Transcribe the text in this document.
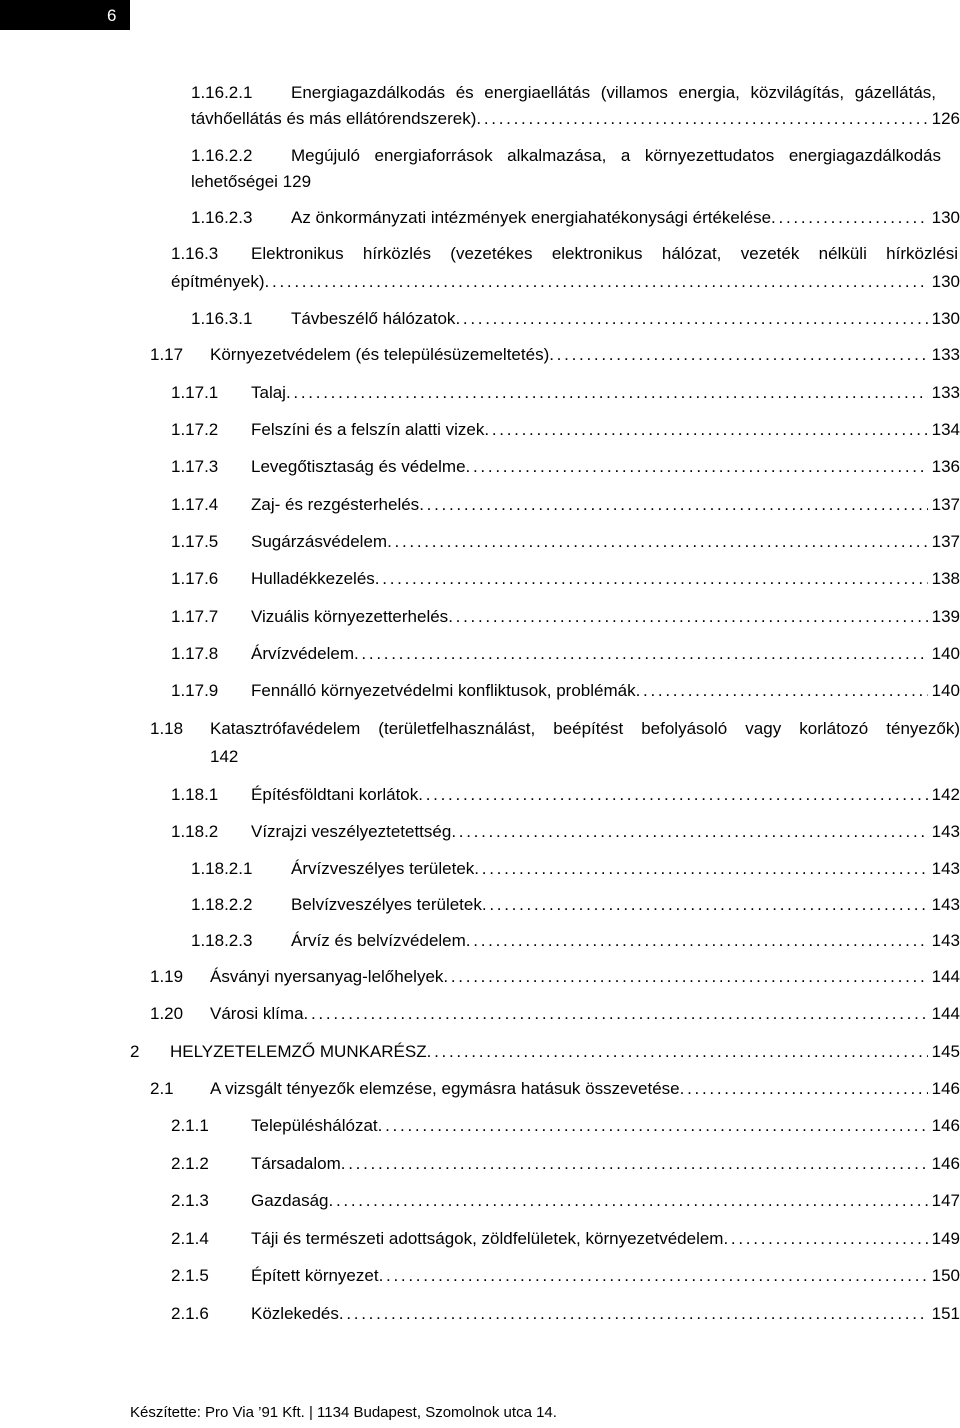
6
1.16.2.1 Energiagazdálkodás és energiaellátás (villamos energia, közvilágítás, gázellátás,
távhőellátás és más ellátórendszerek) . . .	126
1.16.2.2 Megújuló energiaforrások alkalmazása, a környezettudatos energiagazdálkodás
lehetőségei 129
1.16.2.3 Az önkormányzati intézmények energiahatékonysági értékelése . . .	130
1.16.3 Elektronikus hírközlés (vezetékes elektronikus hálózat, vezeték nélküli hírközlési
építmények) . . .	130
1.16.3.1 Távbeszélő hálózatok . . .	130
1.17 Környezetvédelem (és településüzemeltetés) . . .	133
1.17.1 Talaj . . .	133
1.17.2 Felszíni és a felszín alatti vizek . . .	134
1.17.3 Levegőtisztaság és védelme . . .	136
1.17.4 Zaj- és rezgésterhelés . . .	137
1.17.5 Sugárzásvédelem . . .	137
1.17.6 Hulladékkezelés . . .	138
1.17.7 Vizuális környezetterhelés . . .	139
1.17.8 Árvízvédelem . . .	140
1.17.9 Fennálló környezetvédelmi konfliktusok, problémák . . .	140
1.18 Katasztrófavédelem (területfelhasználást, beépítést befolyásoló vagy korlátozó tényezők)
142
1.18.1 Építésföldtani korlátok . . .	142
1.18.2 Vízrajzi veszélyeztetettség . . .	143
1.18.2.1 Árvízveszélyes területek . . .	143
1.18.2.2 Belvízveszélyes területek . . .	143
1.18.2.3 Árvíz és belvízvédelem . . .	143
1.19 Ásványi nyersanyag-lelőhelyek . . .	144
1.20 Városi klíma . . .	144
2 HELYZETELEMZŐ MUNKARÉSZ . . .	145
2.1 A vizsgált tényezők elemzése, egymásra hatásuk összevetése . . .	146
2.1.1 Településhálózat . . .	146
2.1.2 Társadalom . . .	146
2.1.3 Gazdaság . . .	147
2.1.4 Táji és természeti adottságok, zöldfelületek, környezetvédelem . . .	149
2.1.5 Épített környezet . . .	150
2.1.6 Közlekedés . . .	151
Készítette: Pro Via ’91 Kft. | 1134 Budapest, Szomolnok utca 14.
